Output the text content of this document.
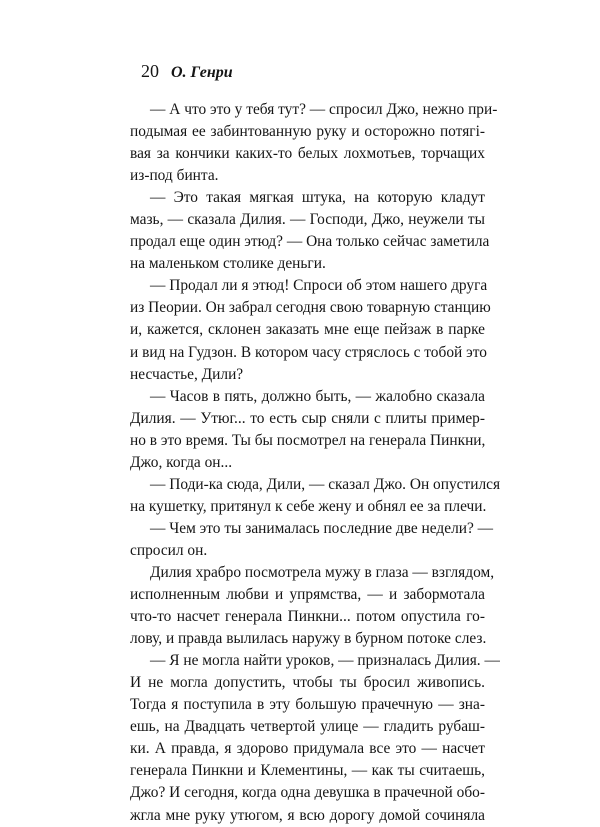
20 О. Генри
— А что это у тебя тут? — спросил Джо, нежно при-
подымая ее забинтованную руку и осторожно потягі-
вая за кончики каких-то белых лохмотьев, торчащих
из-под бинта.
— Это такая мягкая штука, на которую кладут
мазь, — сказала Дилия. — Господи, Джо, неужели ты
продал еще один этюд? — Она только сейчас заметила
на маленьком столике деньги.
— Продал ли я этюд! Спроси об этом нашего друга
из Пеории. Он забрал сегодня свою товарную станцию
и, кажется, склонен заказать мне еще пейзаж в парке
и вид на Гудзон. В котором часу стряслось с тобой это
несчастье, Дили?
— Часов в пять, должно быть, — жалобно сказала
Дилия. — Утюг... то есть сыр сняли с плиты пример-
но в это время. Ты бы посмотрел на генерала Пинкни,
Джо, когда он...
— Поди-ка сюда, Дили, — сказал Джо. Он опустился
на кушетку, притянул к себе жену и обнял ее за плечи.
— Чем это ты занималась последние две недели? —
спросил он.
Дилия храбро посмотрела мужу в глаза — взглядом,
исполненным любви и упрямства, — и забормотала
что-то насчет генерала Пинкни... потом опустила го-
лову, и правда вылилась наружу в бурном потоке слез.
— Я не могла найти уроков, — призналась Дилия. —
И не могла допустить, чтобы ты бросил живопись.
Тогда я поступила в эту большую прачечную — зна-
ешь, на Двадцать четвертой улице — гладить рубаш-
ки. А правда, я здорово придумала все это — насчет
генерала Пинкни и Клементины, — как ты считаешь,
Джо? И сегодня, когда одна девушка в прачечной обо-
жгла мне руку утюгом, я всю дорогу домой сочиняла
